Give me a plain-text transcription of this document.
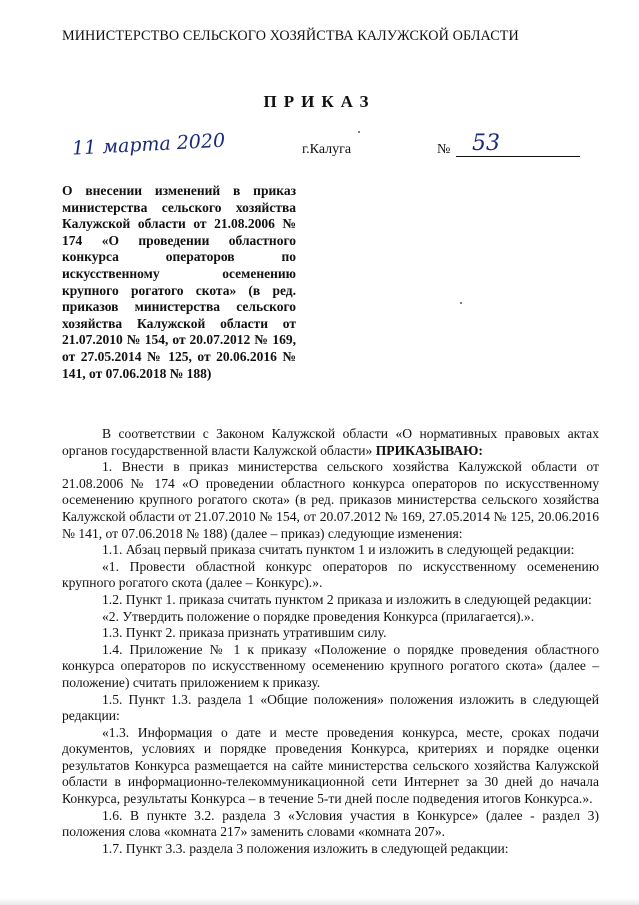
МИНИСТЕРСТВО СЕЛЬСКОГО ХОЗЯЙСТВА КАЛУЖСКОЙ ОБЛАСТИ
ПРИКАЗ
11 марта 2020	г.Калуга	№ 53
О внесении изменений в приказ министерства сельского хозяйства Калужской области от 21.08.2006 № 174 «О проведении областного конкурса операторов по искусственному осеменению крупного рогатого скота» (в ред. приказов министерства сельского хозяйства Калужской области от 21.07.2010 № 154, от 20.07.2012 № 169, от 27.05.2014 № 125, от 20.06.2016 № 141, от 07.06.2018 № 188)

В соответствии с Законом Калужской области «О нормативных правовых актах органов государственной власти Калужской области» ПРИКАЗЫВАЮ:

1. Внести в приказ министерства сельского хозяйства Калужской области от 21.08.2006 № 174 «О проведении областного конкурса операторов по искусственному осеменению крупного рогатого скота» (в ред. приказов министерства сельского хозяйства Калужской области от 21.07.2010 № 154, от 20.07.2012 № 169, 27.05.2014 № 125, 20.06.2016 № 141, от 07.06.2018 № 188) (далее – приказ) следующие изменения:

1.1. Абзац первый приказа считать пунктом 1 и изложить в следующей редакции:

«1. Провести областной конкурс операторов по искусственному осеменению крупного рогатого скота (далее – Конкурс).».

1.2. Пункт 1. приказа считать пунктом 2 приказа и изложить в следующей редакции:

«2. Утвердить положение о порядке проведения Конкурса (прилагается).».

1.3. Пункт 2. приказа признать утратившим силу.

1.4. Приложение № 1 к приказу «Положение о порядке проведения областного конкурса операторов по искусственному осеменению крупного рогатого скота» (далее – положение) считать приложением к приказу.

1.5. Пункт 1.3. раздела 1 «Общие положения» положения изложить в следующей редакции:

«1.3. Информация о дате и месте проведения конкурса, месте, сроках подачи документов, условиях и порядке проведения Конкурса, критериях и порядке оценки результатов Конкурса размещается на сайте министерства сельского хозяйства Калужской области в информационно-телекоммуникационной сети Интернет за 30 дней до начала Конкурса, результаты Конкурса – в течение 5-ти дней после подведения итогов Конкурса.».

1.6. В пункте 3.2. раздела 3 «Условия участия в Конкурсе» (далее - раздел 3) положения слова «комната 217» заменить словами «комната 207».

1.7. Пункт 3.3. раздела 3 положения изложить в следующей редакции:
